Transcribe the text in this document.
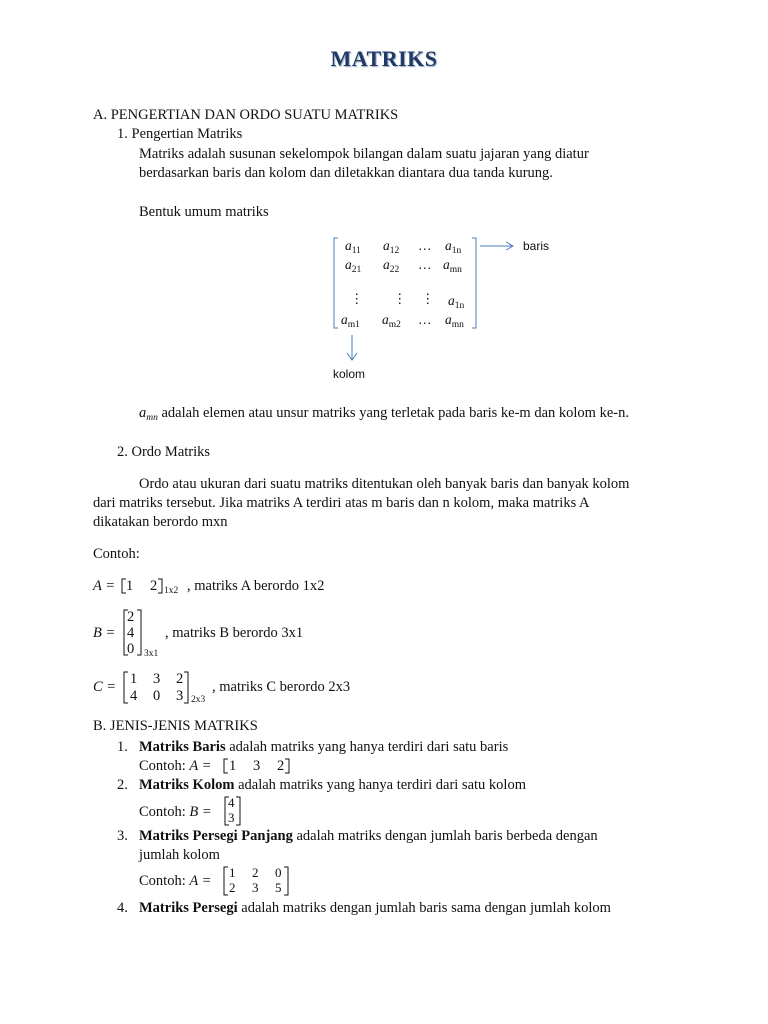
MATRIKS
A. PENGERTIAN DAN ORDO SUATU MATRIKS
1. Pengertian Matriks
Matriks adalah susunan sekelompok bilangan dalam suatu jajaran yang diatur
berdasarkan baris dan kolom dan diletakkan diantara dua tanda kurung.
Bentuk umum matriks
$a_{11}$ $a_{12}$ … $a_{1n}$
$a_{21}$ $a_{22}$ … $a_{mn}$
⋮ ⋮ ⋮ $a_{1n}$
$a_{m1}$ $a_{m2}$ … $a_{mn}$
baris
kolom
$a_{mn}$ adalah elemen atau unsur matriks yang terletak pada baris ke-m dan kolom ke-n.
2. Ordo Matriks
Ordo atau ukuran dari suatu matriks ditentukan oleh banyak baris dan banyak kolom
dari matriks tersebut. Jika matriks A terdiri atas m baris dan n kolom, maka matriks A
dikatakan berordo mxn
Contoh:
A = 1 2 1x2 , matriks A berordo 1x2
B =
2
4
0 3x1
, matriks B berordo 3x1
C = 1 3 2
4 0 3 2x3
, matriks C berordo 2x3
B. JENIS-JENIS MATRIKS
1. Matriks Baris adalah matriks yang hanya terdiri dari satu baris
Contoh: A = 1 3 2
2. Matriks Kolom adalah matriks yang hanya terdiri dari satu kolom
Contoh: B =
4
3
3. Matriks Persegi Panjang adalah matriks dengan jumlah baris berbeda dengan
jumlah kolom
Contoh: A =
1 2 0
2 3 5
4. Matriks Persegi adalah matriks dengan jumlah baris sama dengan jumlah kolom
